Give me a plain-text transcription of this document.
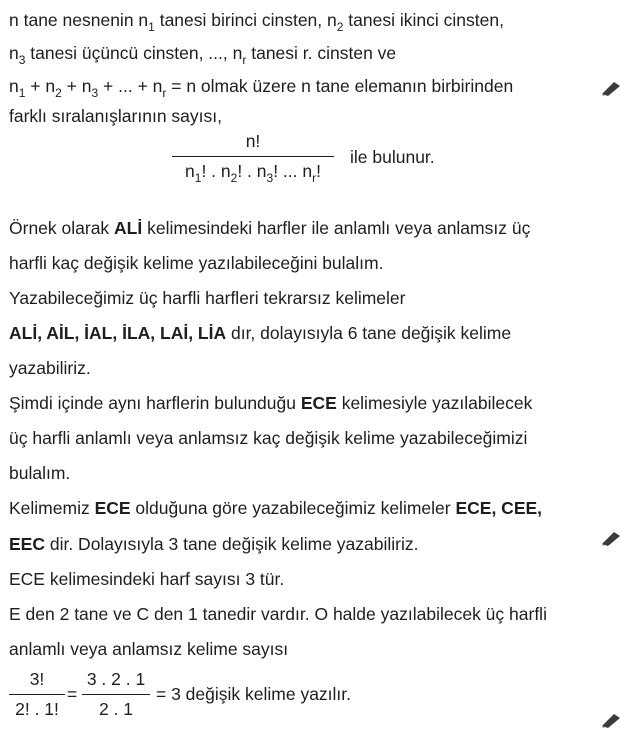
n tane nesnenin $n_1$ tanesi birinci cinsten, $n_2$ tanesi ikinci cinsten,
$n_3$ tanesi üçüncü cinsten, ..., $n_r$ tanesi r. cinsten ve
$n_1 + n_2 + n_3$ + ... + $n_r = n$ olmak üzere n tane elemanın birbirinden
farklı sıralanışlarının sayısı,
n!
$n_1$! . $n_2$! . $n_3$! ... $n_r$!
ile bulunur.
Örnek olarak ALİ kelimesindeki harfler ile anlamlı veya anlamsız üç
harfli kaç değişik kelime yazılabileceğini bulalım.
Yazabileceğimiz üç harfli harfleri tekrarsız kelimeler
ALİ, AİL, İAL, İLA, LAİ, LİA dır, dolayısıyla 6 tane değişik kelime
yazabiliriz.
Şimdi içinde aynı harflerin bulunduğu ECE kelimesiyle yazılabilecek
üç harfli anlamlı veya anlamsız kaç değişik kelime yazabileceğimizi
bulalım.
Kelimemiz ECE olduğuna göre yazabileceğimiz kelimeler ECE, CEE,
EEC dir. Dolayısıyla 3 tane değişik kelime yazabiliriz.
ECE kelimesindeki harf sayısı 3 tür.
E den 2 tane ve C den 1 tanedir vardır. O halde yazılabilecek üç harfli
anlamlı veya anlamsız kelime sayısı
3!
2! . 1!
=
3 . 2 . 1
2 . 1
= 3 değişik kelime yazılır.
